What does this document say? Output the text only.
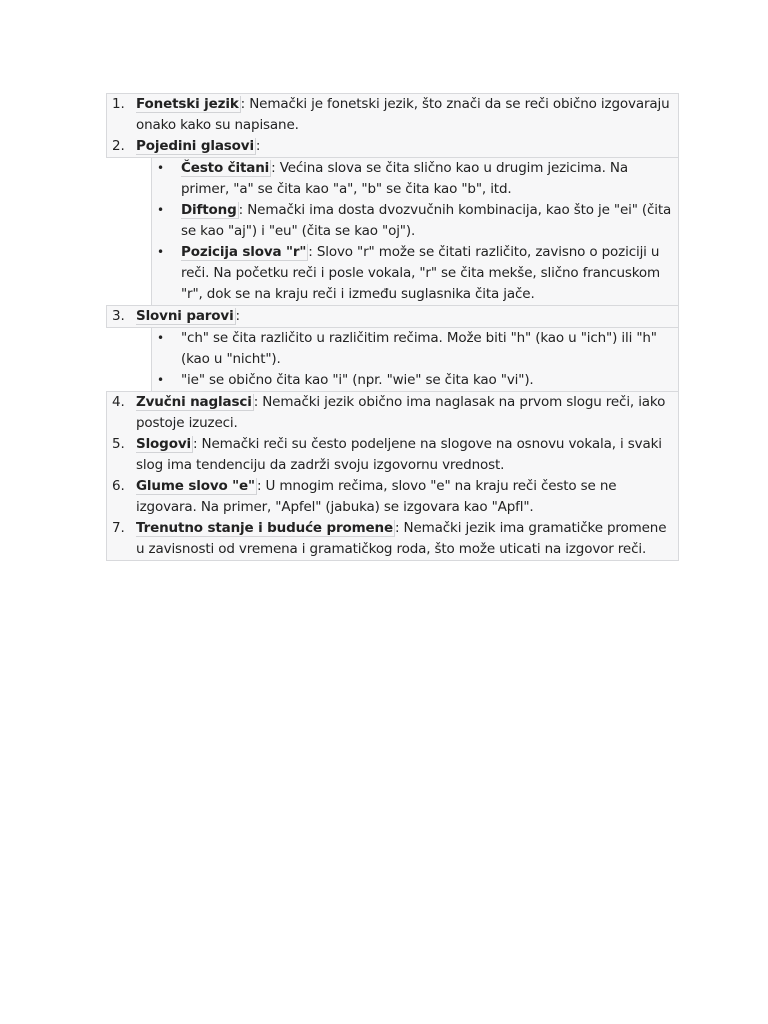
1. Fonetski jezik : Nemački je fonetski jezik, što znači da se reči obično izgovaraju onako kako su napisane.
2. Pojedini glasovi :
•	Često čitani : Većina slova se čita slično kao u drugim jezicima. Na primer, "a" se čita kao "a", "b" se čita kao "b", itd.
•	Diftong : Nemački ima dosta dvozvučnih kombinacija, kao što je "ei" (čita se kao "aj") i "eu" (čita se kao "oj").
•	Pozicija slova "r" : Slovo "r" može se čitati različito, zavisno o poziciji u reči. Na početku reči i posle vokala, "r" se čita mekše, slično francuskom "r", dok se na kraju reči i između suglasnika čita jače.
3. Slovni parovi :
•	"ch" se čita različito u različitim rečima. Može biti "h" (kao u "ich") ili "h" (kao u "nicht").
•	"ie" se obično čita kao "i" (npr. "wie" se čita kao "vi").
4. Zvučni naglasci : Nemački jezik obično ima naglasak na prvom slogu reči, iako postoje izuzeci.
5. Slogovi : Nemački reči su često podeljene na slogove na osnovu vokala, i svaki slog ima tendenciju da zadrži svoju izgovornu vrednost.
6. Glume slovo "e" : U mnogim rečima, slovo "e" na kraju reči često se ne izgovara. Na primer, "Apfel" (jabuka) se izgovara kao "Apfl".
7. Trenutno stanje i buduće promene : Nemački jezik ima gramatičke promene u zavisnosti od vremena i gramatičkog roda, što može uticati na izgovor reči.
